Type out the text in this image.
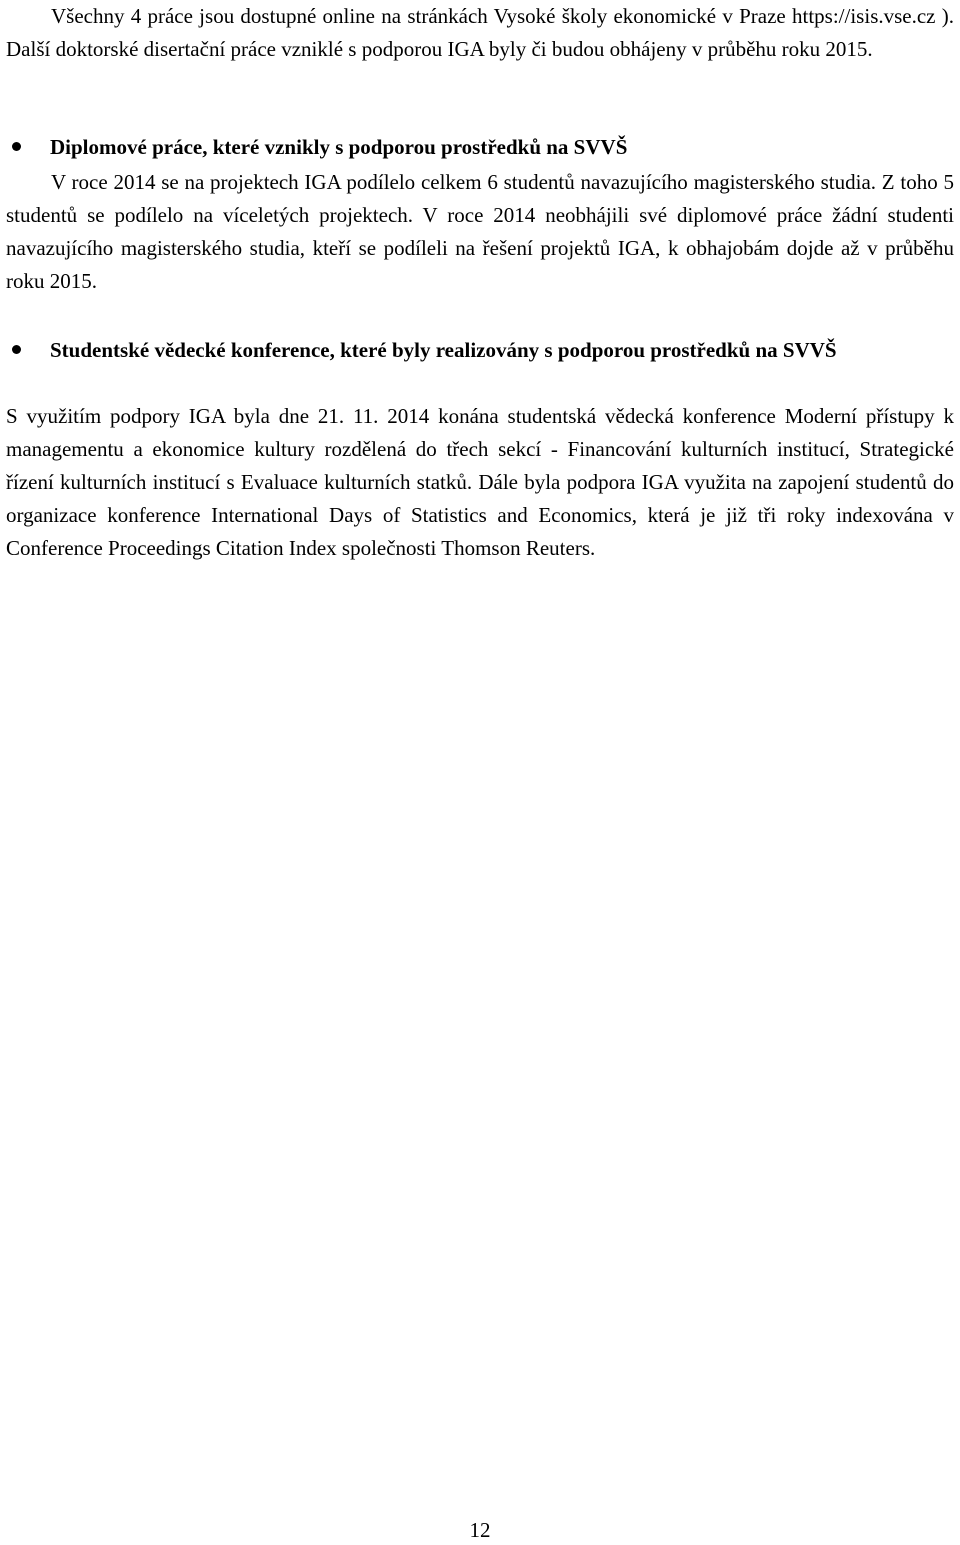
Všechny 4 práce jsou dostupné online na stránkách Vysoké školy ekonomické v Praze https://isis.vse.cz ). Další doktorské disertační práce vzniklé s podporou IGA byly či budou obhájeny v průběhu roku 2015.

Diplomové práce, které vznikly s podporou prostředků na SVVŠ

V roce 2014 se na projektech IGA podílelo celkem 6 studentů navazujícího magisterského studia. Z toho 5 studentů se podílelo na víceletých projektech. V roce 2014 neobhájili své diplomové práce žádní studenti navazujícího magisterského studia, kteří se podíleli na řešení projektů IGA, k obhajobám dojde až v průběhu roku 2015.

Studentské vědecké konference, které byly realizovány s podporou prostředků na SVVŠ

S využitím podpory IGA byla dne 21. 11. 2014 konána studentská vědecká konference Moderní přístupy k managementu a ekonomice kultury rozdělená do třech sekcí - Financování kulturních institucí, Strategické řízení kulturních institucí s Evaluace kulturních statků. Dále byla podpora IGA využita na zapojení studentů do organizace konference International Days of Statistics and Economics, která je již tři roky indexována v Conference Proceedings Citation Index společnosti Thomson Reuters.

12
